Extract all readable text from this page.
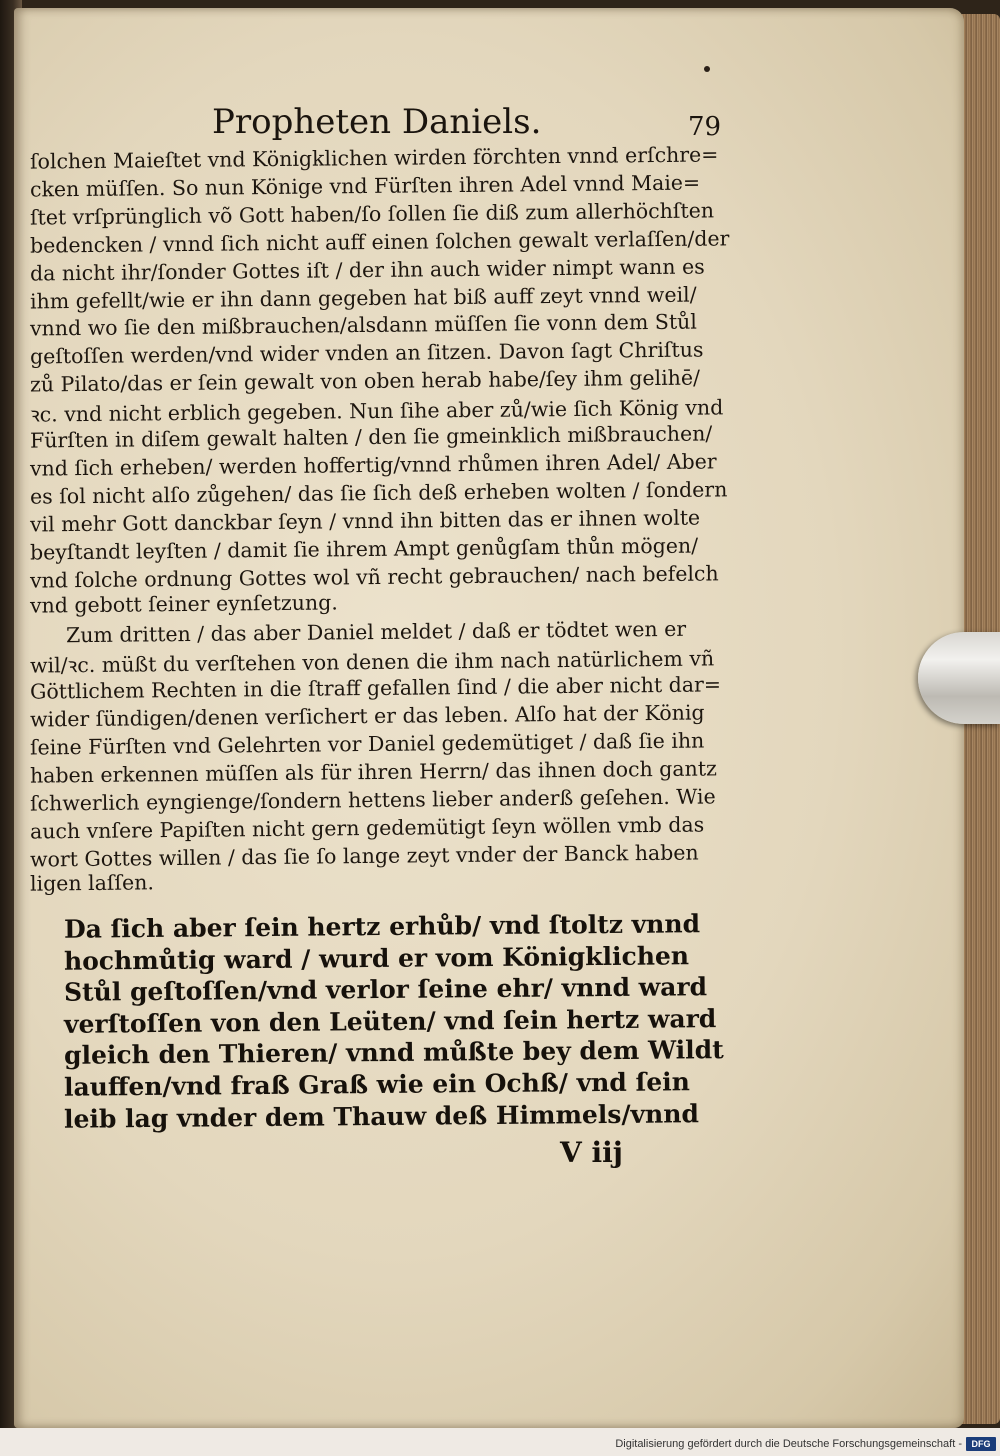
Propheten Daniels.	79
ſolchen Maieſtet vnd Königklichen wirden förchten vnnd erſchre=
cken müſſen. So nun Könige vnd Fürſten ihren Adel vnnd Maie=
ſtet vrſprünglich võ Gott haben/ſo ſollen ſie diß zum allerhöchſten
bedencken / vnnd ſich nicht auff einen ſolchen gewalt verlaſſen/der
da nicht ihr/ſonder Gottes iſt / der ihn auch wider nimpt wann es
ihm gefellt/wie er ihn dann gegeben hat biß auff zeyt vnnd weil/
vnnd wo ſie den mißbrauchen/alsdann müſſen ſie vonn dem Stůl
geſtoſſen werden/vnd wider vnden an ſitzen. Davon ſagt Chriſtus
zů Pilato/das er ſein gewalt von oben herab habe/ſey ihm gelihē/
ꝛc. vnd nicht erblich gegeben. Nun ſihe aber zů/wie ſich König vnd
Fürſten in diſem gewalt halten / den ſie gmeinklich mißbrauchen/
vnd ſich erheben/ werden hoffertig/vnnd rhůmen ihren Adel/ Aber
es ſol nicht alſo zůgehen/ das ſie ſich deß erheben wolten / ſondern
vil mehr Gott danckbar ſeyn / vnnd ihn bitten das er ihnen wolte
beyſtandt leyſten / damit ſie ihrem Ampt genůgſam thůn mögen/
vnd ſolche ordnung Gottes wol vñ recht gebrauchen/ nach befelch
vnd gebott ſeiner eynſetzung.
Zum dritten / das aber Daniel meldet / daß er tödtet wen er
wil/ꝛc. müßt du verſtehen von denen die ihm nach natürlichem vñ
Göttlichem Rechten in die ſtraff gefallen ſind / die aber nicht dar=
wider ſündigen/denen verſichert er das leben. Alſo hat der König
ſeine Fürſten vnd Gelehrten vor Daniel gedemütiget / daß ſie ihn
haben erkennen müſſen als für ihren Herrn/ das ihnen doch gantz
ſchwerlich eyngienge/ſondern hettens lieber anderß geſehen. Wie
auch vnſere Papiſten nicht gern gedemütigt ſeyn wöllen vmb das
wort Gottes willen / das ſie ſo lange zeyt vnder der Banck haben
ligen laſſen.
Da ſich aber ſein hertz erhůb/ vnd ſtoltz vnnd
hochmůtig ward / wurd er vom Königklichen
Stůl geſtoſſen/vnd verlor ſeine ehr/ vnnd ward
verſtoſſen von den Leüten/ vnd ſein hertz ward
gleich den Thieren/ vnnd můßte bey dem Wildt
lauffen/vnd fraß Graß wie ein Ochß/ vnd ſein
leib lag vnder dem Thauw deß Himmels/vnnd
V iij
Digitalisierung gefördert durch die Deutsche Forschungsgemeinschaft -	DFG
